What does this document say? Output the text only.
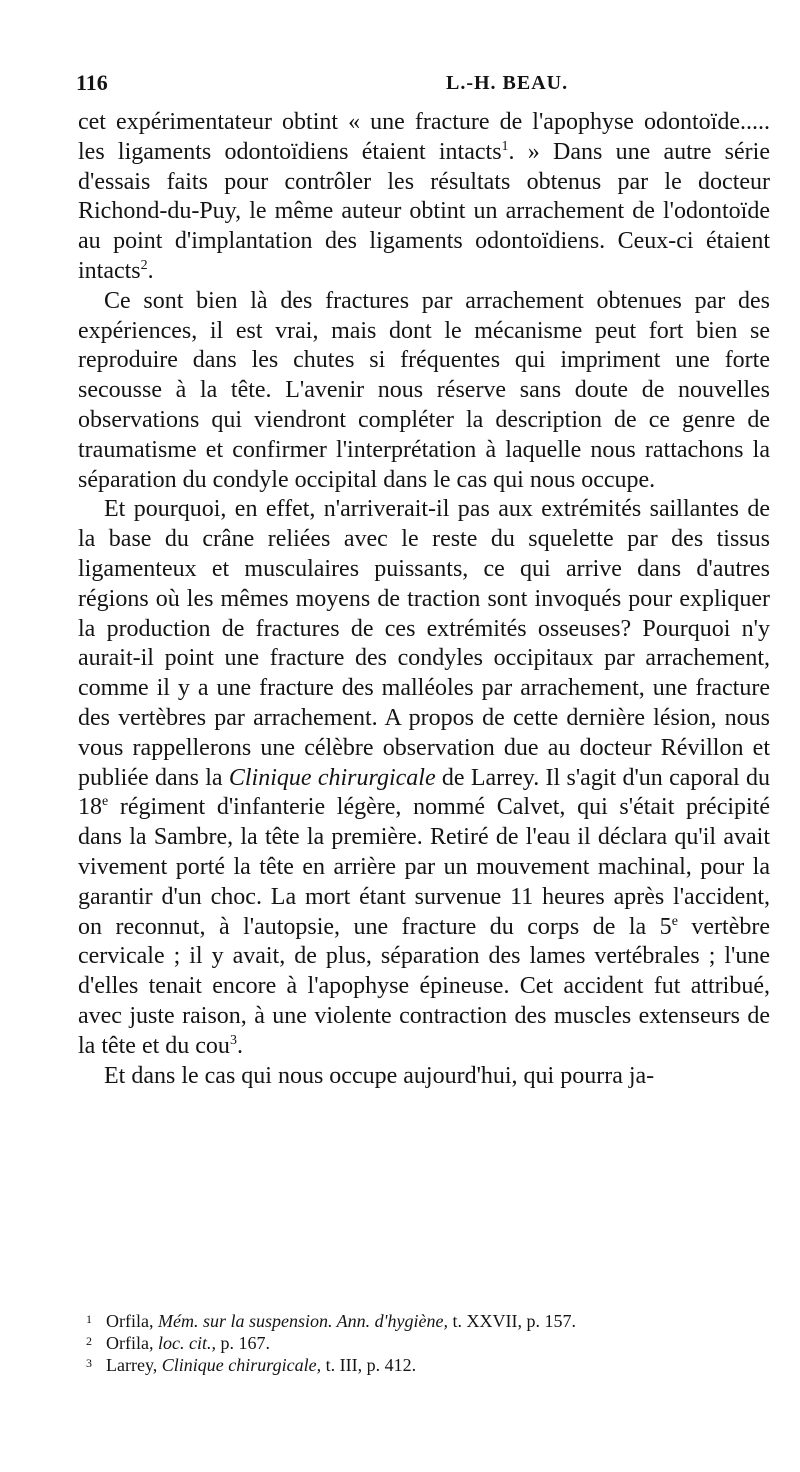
116	L.-H. BEAU.

cet expérimentateur obtint « une fracture de l'apophyse odontoïde..... les ligaments odontoïdiens étaient intacts$^1$. » Dans une autre série d'essais faits pour contrôler les résultats obtenus par le docteur Richond-du-Puy, le même auteur obtint un arrachement de l'odontoïde au point d'implantation des ligaments odontoïdiens. Ceux-ci étaient intacts$^2$.

Ce sont bien là des fractures par arrachement obtenues par des expériences, il est vrai, mais dont le mécanisme peut fort bien se reproduire dans les chutes si fréquentes qui impriment une forte secousse à la tête. L'avenir nous réserve sans doute de nouvelles observations qui viendront compléter la description de ce genre de traumatisme et confirmer l'interprétation à laquelle nous rattachons la séparation du condyle occipital dans le cas qui nous occupe.

Et pourquoi, en effet, n'arriverait-il pas aux extrémités saillantes de la base du crâne reliées avec le reste du squelette par des tissus ligamenteux et musculaires puissants, ce qui arrive dans d'autres régions où les mêmes moyens de traction sont invoqués pour expliquer la production de fractures de ces extrémités osseuses? Pourquoi n'y aurait-il point une fracture des condyles occipitaux par arrachement, comme il y a une fracture des malléoles par arrachement, une fracture des vertèbres par arrachement. A propos de cette dernière lésion, nous vous rappellerons une célèbre observation due au docteur Révillon et publiée dans la Clinique chirurgicale de Larrey. Il s'agit d'un caporal du 18e régiment d'infanterie légère, nommé Calvet, qui s'était précipité dans la Sambre, la tête la première. Retiré de l'eau il déclara qu'il avait vivement porté la tête en arrière par un mouvement machinal, pour la garantir d'un choc. La mort étant survenue 11 heures après l'accident, on reconnut, à l'autopsie, une fracture du corps de la 5e vertèbre cervicale ; il y avait, de plus, séparation des lames vertébrales ; l'une d'elles tenait encore à l'apophyse épineuse. Cet accident fut attribué, avec juste raison, à une violente contraction des muscles extenseurs de la tête et du cou$^3$.

Et dans le cas qui nous occupe aujourd'hui, qui pourra ja-

1 Orfila, Mém. sur la suspension. Ann. d'hygiène, t. XXVII, p. 157.

2 Orfila, loc. cit., p. 167.

3 Larrey, Clinique chirurgicale, t. III, p. 412.
